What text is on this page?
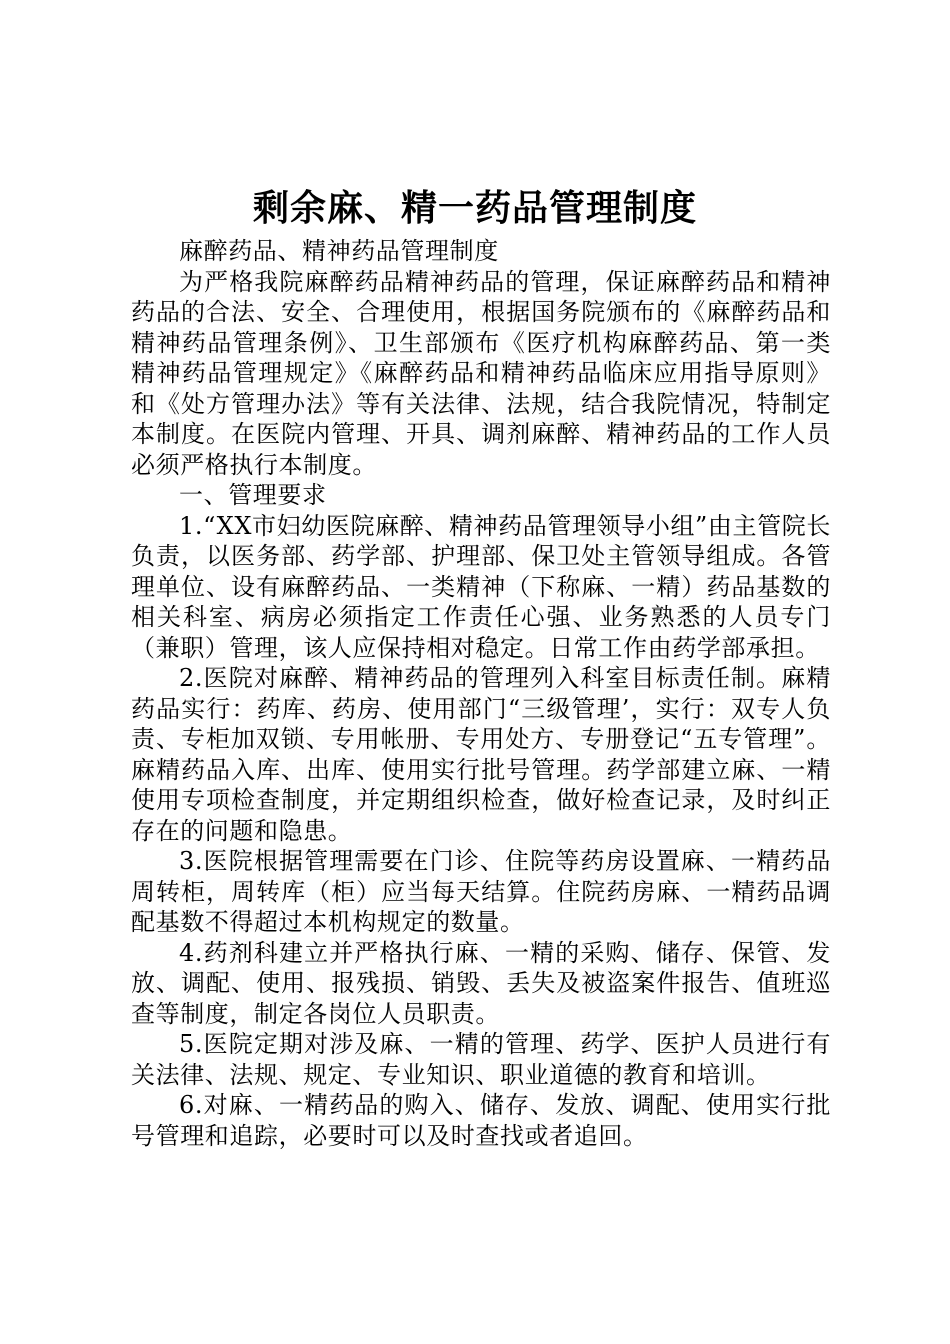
剩余麻、精一药品管理制度

麻醉药品、精神药品管理制度

为严格我院麻醉药品精神药品的管理，保证麻醉药品和精神药品的合法、安全、合理使用，根据国务院颁布的《麻醉药品和精神药品管理条例》、卫生部颁布《医疗机构麻醉药品、第一类精神药品管理规定》《麻醉药品和精神药品临床应用指导原则》和《处方管理办法》等有关法律、法规，结合我院情况，特制定本制度。在医院内管理、开具、调剂麻醉、精神药品的工作人员必须严格执行本制度。

一、管理要求

1.“XX市妇幼医院麻醉、精神药品管理领导小组”由主管院长负责，以医务部、药学部、护理部、保卫处主管领导组成。各管理单位、设有麻醉药品、一类精神（下称麻、一精）药品基数的相关科室、病房必须指定工作责任心强、业务熟悉的人员专门（兼职）管理，该人应保持相对稳定。日常工作由药学部承担。

2.医院对麻醉、精神药品的管理列入科室目标责任制。麻精药品实行：药库、药房、使用部门“三级管理’，实行：双专人负责、专柜加双锁、专用帐册、专用处方、专册登记“五专管理”。麻精药品入库、出库、使用实行批号管理。药学部建立麻、一精使用专项检查制度，并定期组织检查，做好检查记录，及时纠正存在的问题和隐患。

3.医院根据管理需要在门诊、住院等药房设置麻、一精药品周转柜，周转库（柜）应当每天结算。住院药房麻、一精药品调配基数不得超过本机构规定的数量。

4.药剂科建立并严格执行麻、一精的采购、储存、保管、发放、调配、使用、报残损、销毁、丢失及被盗案件报告、值班巡查等制度，制定各岗位人员职责。

5.医院定期对涉及麻、一精的管理、药学、医护人员进行有关法律、法规、规定、专业知识、职业道德的教育和培训。

6.对麻、一精药品的购入、储存、发放、调配、使用实行批号管理和追踪，必要时可以及时查找或者追回。
